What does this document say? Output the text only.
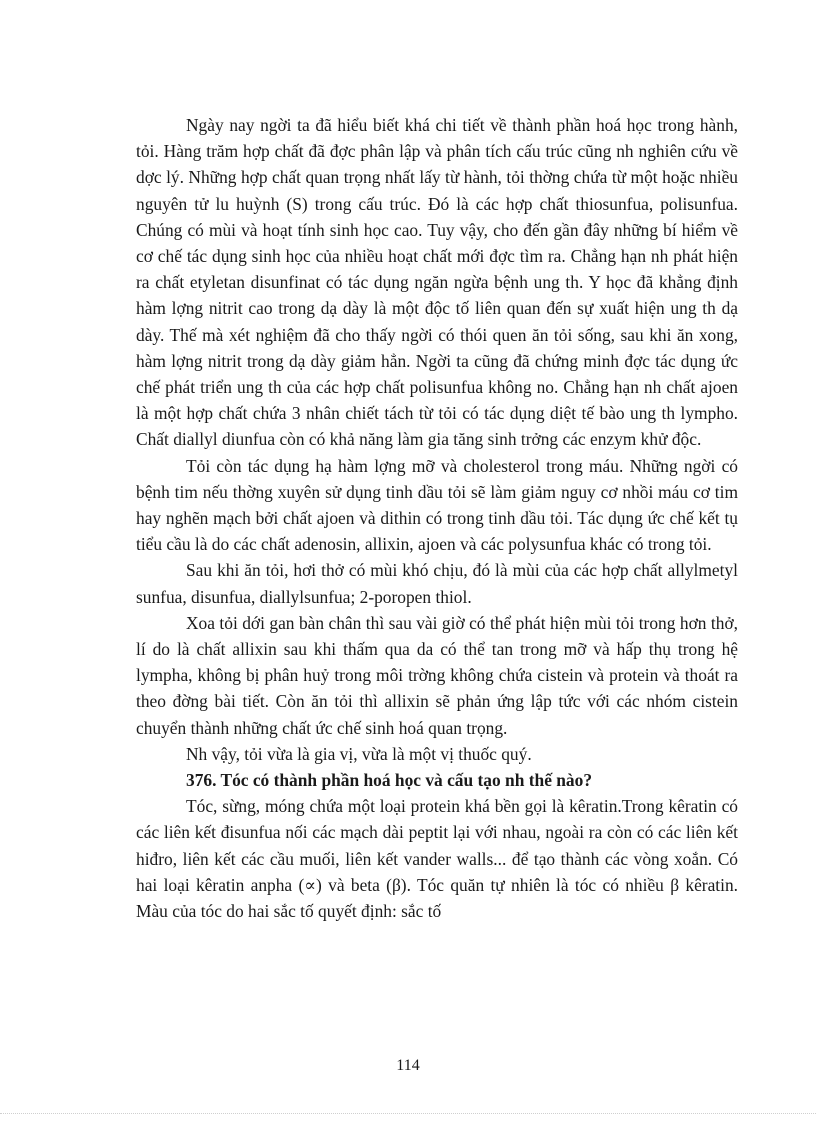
Ngày nay ngời ta đã hiểu biết khá chi tiết về thành phần hoá học trong hành, tỏi. Hàng trăm hợp chất đã đợc phân lập và phân tích cấu trúc cũng nh nghiên cứu về dợc lý. Những hợp chất quan trọng nhất lấy từ hành, tỏi thờng chứa từ một hoặc nhiều nguyên tử lu huỳnh (S) trong cấu trúc. Đó là các hợp chất thiosunfua, polisunfua. Chúng có mùi và hoạt tính sinh học cao. Tuy vậy, cho đến gần đây những bí hiểm về cơ chế tác dụng sinh học của nhiều hoạt chất mới đợc tìm ra. Chẳng hạn nh phát hiện ra chất etyletan disunfinat có tác dụng ngăn ngừa bệnh ung th. Y học đã khẳng định hàm lợng nitrit cao trong dạ dày là một độc tố liên quan đến sự xuất hiện ung th dạ dày. Thế mà xét nghiệm đã cho thấy ngời có thói quen ăn tỏi sống, sau khi ăn xong, hàm lợng nitrit trong dạ dày giảm hẳn. Ngời ta cũng đã chứng minh đợc tác dụng ức chế phát triển ung th của các hợp chất polisunfua không no. Chẳng hạn nh chất ajoen là một hợp chất chứa 3 nhân chiết tách từ tỏi có tác dụng diệt tế bào ung th lympho. Chất diallyl diunfua còn có khả năng làm gia tăng sinh trởng các enzym khử độc.

Tỏi còn tác dụng hạ hàm lợng mỡ và cholesterol trong máu. Những ngời có bệnh tim nếu thờng xuyên sử dụng tinh dầu tỏi sẽ làm giảm nguy cơ nhồi máu cơ tim hay nghẽn mạch bởi chất ajoen và dithin có trong tinh dầu tỏi. Tác dụng ức chế kết tụ tiểu cầu là do các chất adenosin, allixin, ajoen và các polysunfua khác có trong tỏi.

Sau khi ăn tỏi, hơi thở có mùi khó chịu, đó là mùi của các hợp chất allylmetyl sunfua, disunfua, diallylsunfua; 2-poropen thiol.

Xoa tỏi dới gan bàn chân thì sau vài giờ có thể phát hiện mùi tỏi trong hơn thở, lí do là chất allixin sau khi thấm qua da có thể tan trong mỡ và hấp thụ trong hệ lympha, không bị phân huỷ trong môi trờng không chứa cistein và protein và thoát ra theo đờng bài tiết. Còn ăn tỏi thì allixin sẽ phản ứng lập tức với các nhóm cistein chuyển thành những chất ức chế sinh hoá quan trọng.

Nh vậy, tỏi vừa là gia vị, vừa là một vị thuốc quý.

376. Tóc có thành phần hoá học và cấu tạo nh thế nào?

Tóc, sừng, móng chứa một loại protein khá bền gọi là kêratin.Trong kêratin có các liên kết đisunfua nối các mạch dài peptit lại với nhau, ngoài ra còn có các liên kết hiđro, liên kết các cầu muối, liên kết vander walls... để tạo thành các vòng xoắn. Có hai loại kêratin anpha (∝) và beta (β). Tóc quăn tự nhiên là tóc có nhiều β kêratin. Màu của tóc do hai sắc tố quyết định: sắc tố

114
